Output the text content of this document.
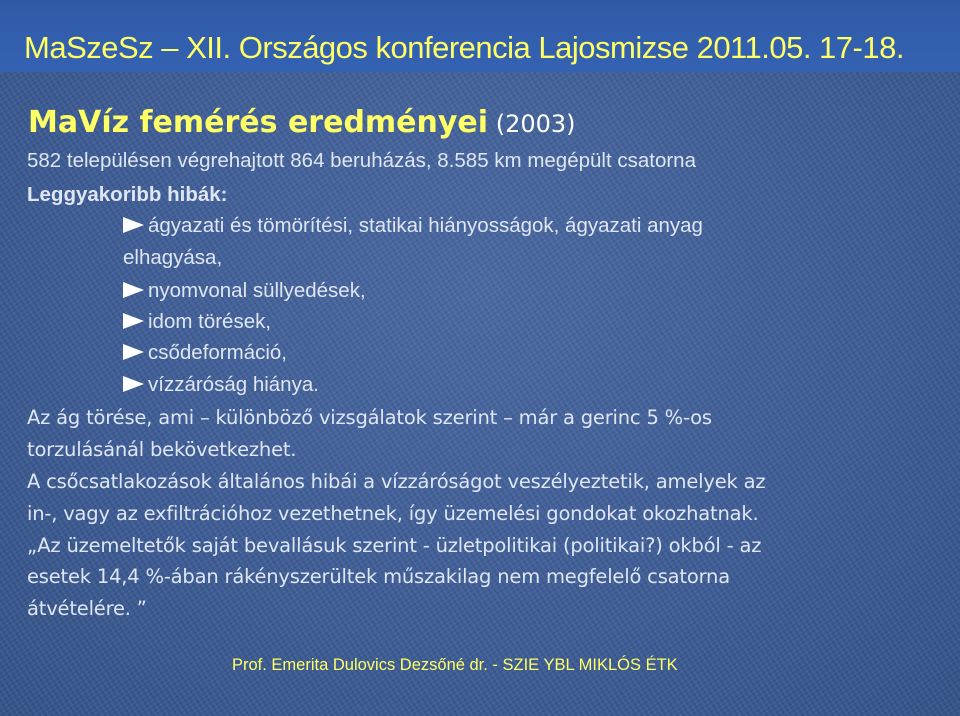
MaSzeSz – XII. Országos konferencia Lajosmizse 2011.05. 17-18.
MaVíz femérés eredményei (2003)
582 településen végrehajtott 864 beruházás, 8.585 km megépült csatorna
Leggyakoribb hibák:
ágyazati és tömörítési, statikai hiányosságok, ágyazati anyag
elhagyása,
nyomvonal süllyedések,
idom törések,
csődeformáció,
vízzáróság hiánya.
Az ág törése, ami – különböző vizsgálatok szerint – már a gerinc 5 %-os
torzulásánál bekövetkezhet.
A csőcsatlakozások általános hibái a vízzáróságot veszélyeztetik, amelyek az
in-, vagy az exfiltrációhoz vezethetnek, így üzemelési gondokat okozhatnak.
„Az üzemeltetők saját bevallásuk szerint - üzletpolitikai (politikai?) okból - az
esetek 14,4 %-ában rákényszerültek műszakilag nem megfelelő csatorna
átvételére. ”
Prof. Emerita Dulovics Dezsőné dr. - SZIE YBL MIKLÓS ÉTK
